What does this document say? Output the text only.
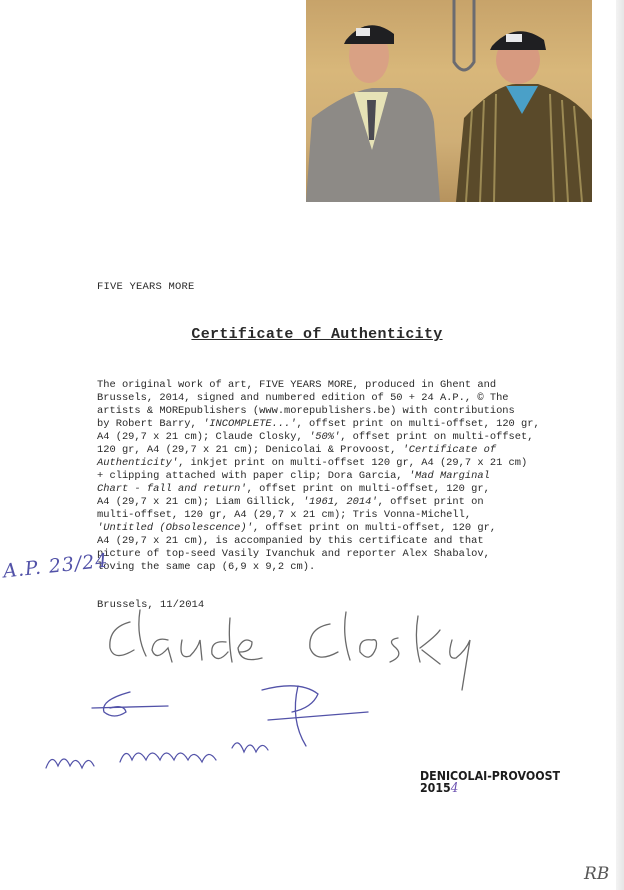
FIVE YEARS MORE
Certificate of Authenticity
The original work of art, FIVE YEARS MORE, produced in Ghent and
Brussels, 2014, signed and numbered edition of 50 + 24 A.P., © The
artists & MOREpublishers (www.morepublishers.be) with contributions
by Robert Barry, 'INCOMPLETE...', offset print on multi-offset, 120 gr,
A4 (29,7 x 21 cm); Claude Closky, '50%', offset print on multi-offset,
120 gr, A4 (29,7 x 21 cm); Denicolai & Provoost, 'Certificate of
Authenticity', inkjet print on multi-offset 120 gr, A4 (29,7 x 21 cm)
+ clipping attached with paper clip; Dora Garcia, 'Mad Marginal
Chart - fall and return', offset print on multi-offset, 120 gr,
A4 (29,7 x 21 cm); Liam Gillick, '1961, 2014', offset print on
multi-offset, 120 gr, A4 (29,7 x 21 cm); Tris Vonna-Michell,
'Untitled (Obsolescence)', offset print on multi-offset, 120 gr,
A4 (29,7 x 21 cm), is accompanied by this certificate and that
picture of top-seed Vasily Ivanchuk and reporter Alex Shabalov,
loving the same cap (6,9 x 9,2 cm).
Brussels, 11/2014
A.P. 23/24
DENICOLAI-PROVOOST
20154
RB
